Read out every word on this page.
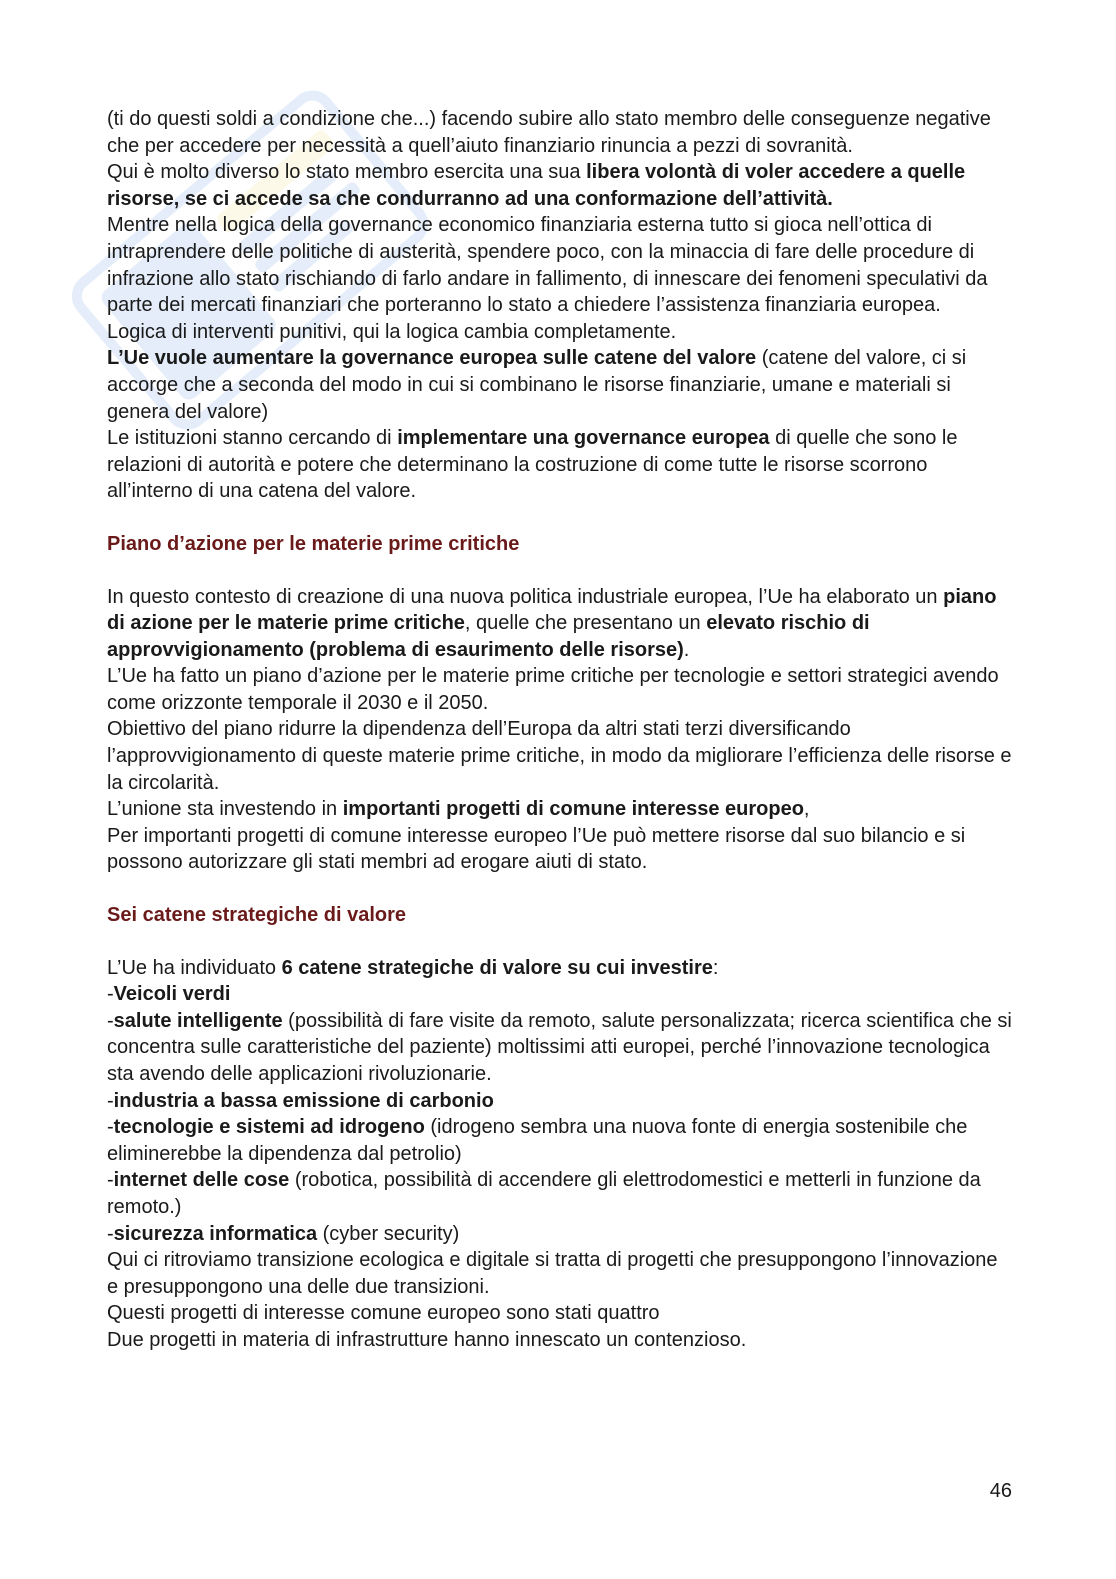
(ti do questi soldi a condizione che...) facendo subire allo stato membro delle conseguenze negative che per accedere per necessità a quell’aiuto finanziario rinuncia a pezzi di sovranità.

Qui è molto diverso lo stato membro esercita una sua libera volontà di voler accedere a quelle risorse, se ci accede sa che condurranno ad una conformazione dell’attività.

Mentre nella logica della governance economico finanziaria esterna tutto si gioca nell’ottica di intraprendere delle politiche di austerità, spendere poco, con la minaccia di fare delle procedure di infrazione allo stato rischiando di farlo andare in fallimento, di innescare dei fenomeni speculativi da parte dei mercati finanziari che porteranno lo stato a chiedere l’assistenza finanziaria europea.

Logica di interventi punitivi, qui la logica cambia completamente.

L’Ue vuole aumentare la governance europea sulle catene del valore (catene del valore, ci si accorge che a seconda del modo in cui si combinano le risorse finanziarie, umane e materiali si genera del valore)

Le istituzioni stanno cercando di implementare una governance europea di quelle che sono le relazioni di autorità e potere che determinano la costruzione di come tutte le risorse scorrono all’interno di una catena del valore.

Piano d’azione per le materie prime critiche

In questo contesto di creazione di una nuova politica industriale europea, l’Ue ha elaborato un piano di azione per le materie prime critiche, quelle che presentano un elevato rischio di approvvigionamento (problema di esaurimento delle risorse).

L’Ue ha fatto un piano d’azione per le materie prime critiche per tecnologie e settori strategici avendo come orizzonte temporale il 2030 e il 2050.

Obiettivo del piano ridurre la dipendenza dell’Europa da altri stati terzi diversificando l’approvvigionamento di queste materie prime critiche, in modo da migliorare l’efficienza delle risorse e la circolarità.

L’unione sta investendo in importanti progetti di comune interesse europeo,

Per importanti progetti di comune interesse europeo l’Ue può mettere risorse dal suo bilancio e si possono autorizzare gli stati membri ad erogare aiuti di stato.

Sei catene strategiche di valore

L’Ue ha individuato 6 catene strategiche di valore su cui investire:

-Veicoli verdi

-salute intelligente (possibilità di fare visite da remoto, salute personalizzata; ricerca scientifica che si concentra sulle caratteristiche del paziente) moltissimi atti europei, perché l’innovazione tecnologica sta avendo delle applicazioni rivoluzionarie.

-industria a bassa emissione di carbonio

-tecnologie e sistemi ad idrogeno (idrogeno sembra una nuova fonte di energia sostenibile che eliminerebbe la dipendenza dal petrolio)

-internet delle cose (robotica, possibilità di accendere gli elettrodomestici e metterli in funzione da remoto.)

-sicurezza informatica (cyber security)

Qui ci ritroviamo transizione ecologica e digitale si tratta di progetti che presuppongono l’innovazione e presuppongono una delle due transizioni.

Questi progetti di interesse comune europeo sono stati quattro

Due progetti in materia di infrastrutture hanno innescato un contenzioso.

46
